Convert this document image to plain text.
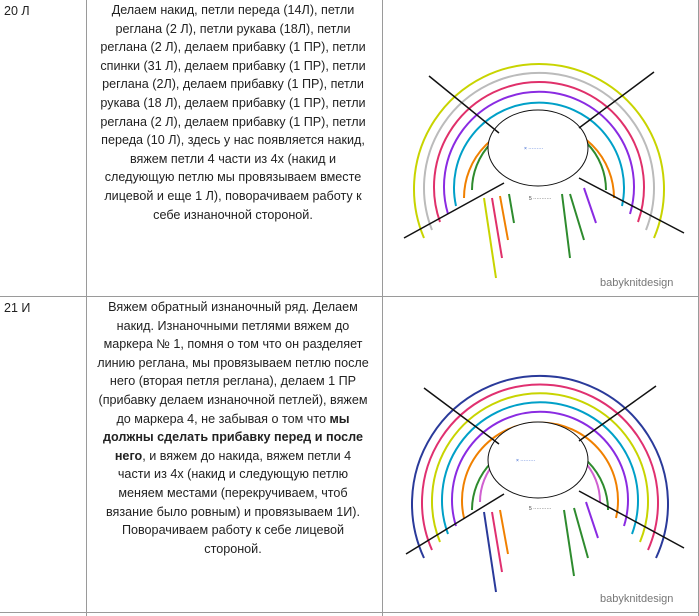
20 Л	Делаем накид, петли переда (14Л), петли

реглана (2 Л), петли рукава (18Л), петли

реглана (2 Л), делаем прибавку (1 ПР), петли

спинки (31 Л), делаем прибавку (1 ПР), петли

реглана (2Л), делаем прибавку (1 ПР), петли

рукава (18 Л), делаем прибавку (1 ПР), петли

реглана (2 Л), делаем прибавку (1 ПР), петли

переда (10 Л), здесь у нас появляется накид,

вяжем петли 4 части из 4х (накид и

следующую петлю мы провязываем вместе

лицевой и еще 1 Л), поворачиваем работу к

себе изнаночной стороной.

× ·········
5 ···········
babyknitdesign
21 И	Вяжем обратный изнаночный ряд. Делаем

накид. Изнаночными петлями вяжем до

маркера № 1, помня о том что он разделяет

линию реглана, мы провязываем петлю после

него (вторая петля реглана), делаем 1 ПР

(прибавку делаем изнаночной петлей), вяжем

до маркера 4, не забывая о том что мы

должны сделать прибавку перед и после

него, и вяжем до накида, вяжем петли 4

части из 4х (накид и следующую петлю

меняем местами (перекручиваем, чтоб

вязание было ровным) и провязываем 1И).

Поворачиваем работу к себе лицевой

стороной.

× ·········
5 ···········
babyknitdesign
